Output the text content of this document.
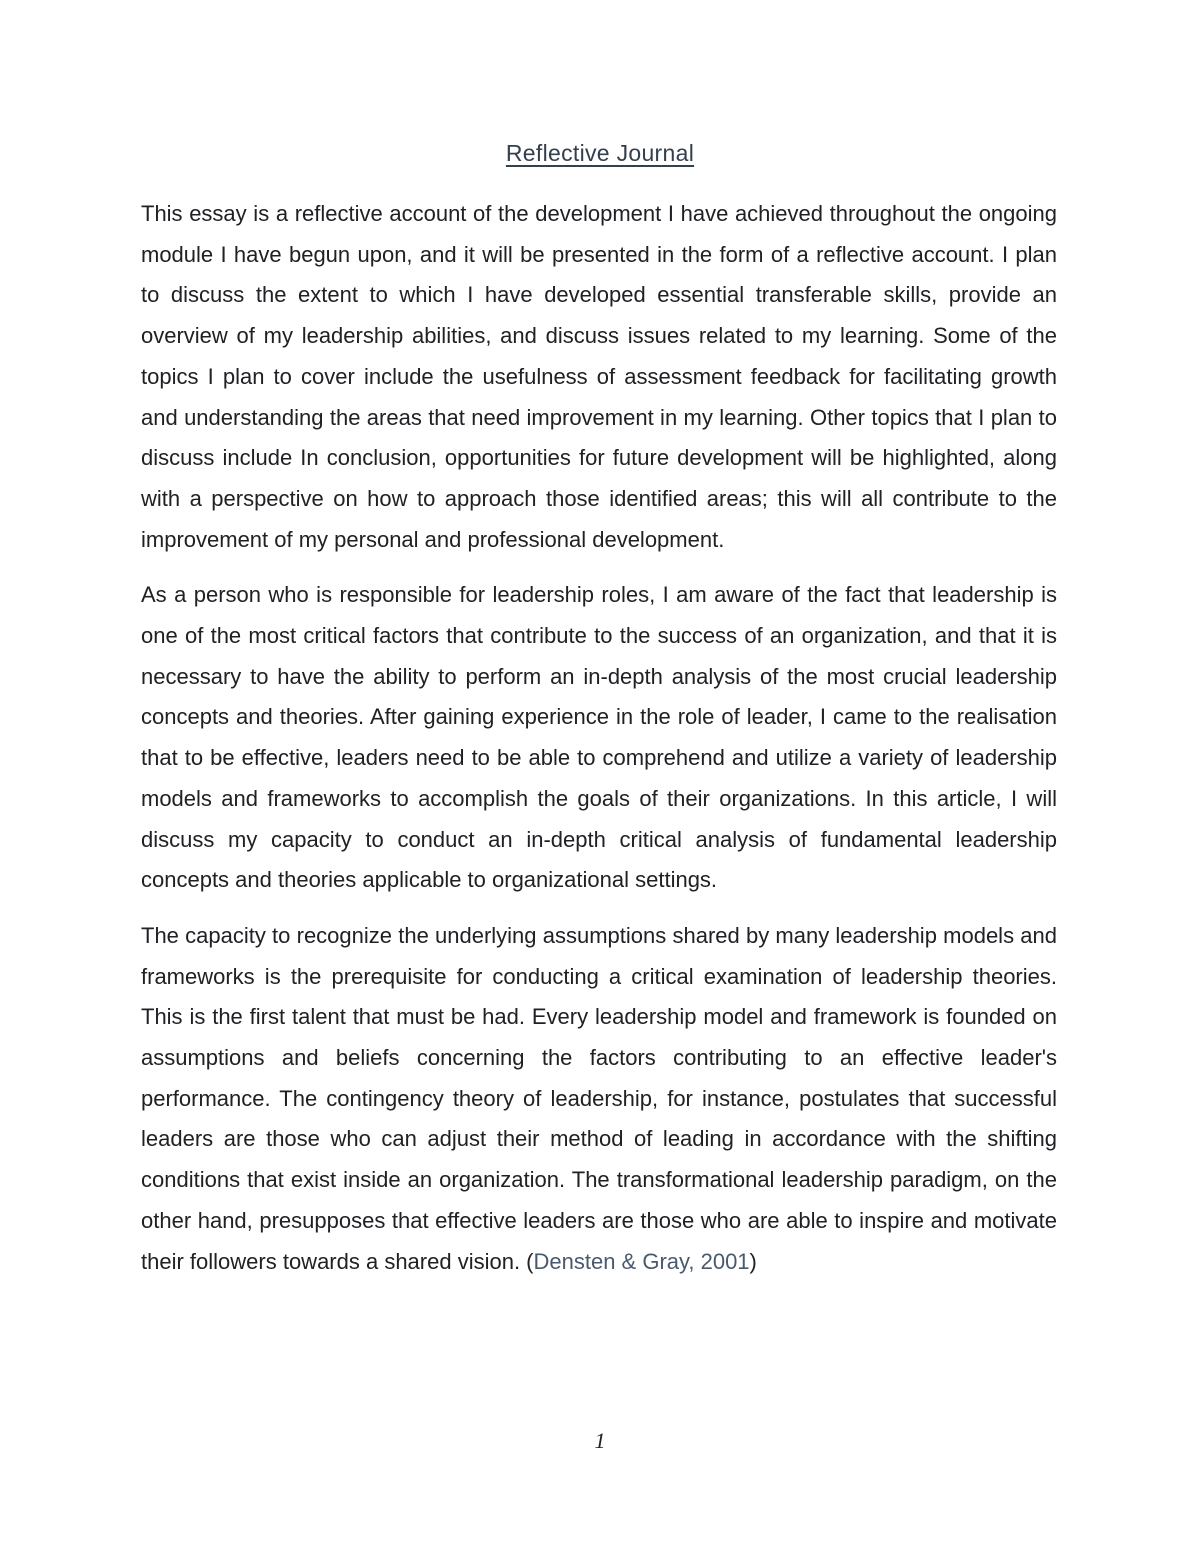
Reflective Journal

This essay is a reflective account of the development I have achieved throughout the ongoing module I have begun upon, and it will be presented in the form of a reflective account. I plan to discuss the extent to which I have developed essential transferable skills, provide an overview of my leadership abilities, and discuss issues related to my learning. Some of the topics I plan to cover include the usefulness of assessment feedback for facilitating growth and understanding the areas that need improvement in my learning. Other topics that I plan to discuss include In conclusion, opportunities for future development will be highlighted, along with a perspective on how to approach those identified areas; this will all contribute to the improvement of my personal and professional development.

As a person who is responsible for leadership roles, I am aware of the fact that leadership is one of the most critical factors that contribute to the success of an organization, and that it is necessary to have the ability to perform an in-depth analysis of the most crucial leadership concepts and theories. After gaining experience in the role of leader, I came to the realisation that to be effective, leaders need to be able to comprehend and utilize a variety of leadership models and frameworks to accomplish the goals of their organizations. In this article, I will discuss my capacity to conduct an in-depth critical analysis of fundamental leadership concepts and theories applicable to organizational settings.

The capacity to recognize the underlying assumptions shared by many leadership models and frameworks is the prerequisite for conducting a critical examination of leadership theories. This is the first talent that must be had. Every leadership model and framework is founded on assumptions and beliefs concerning the factors contributing to an effective leader's performance. The contingency theory of leadership, for instance, postulates that successful leaders are those who can adjust their method of leading in accordance with the shifting conditions that exist inside an organization. The transformational leadership paradigm, on the other hand, presupposes that effective leaders are those who are able to inspire and motivate their followers towards a shared vision. (Densten & Gray, 2001)

1
